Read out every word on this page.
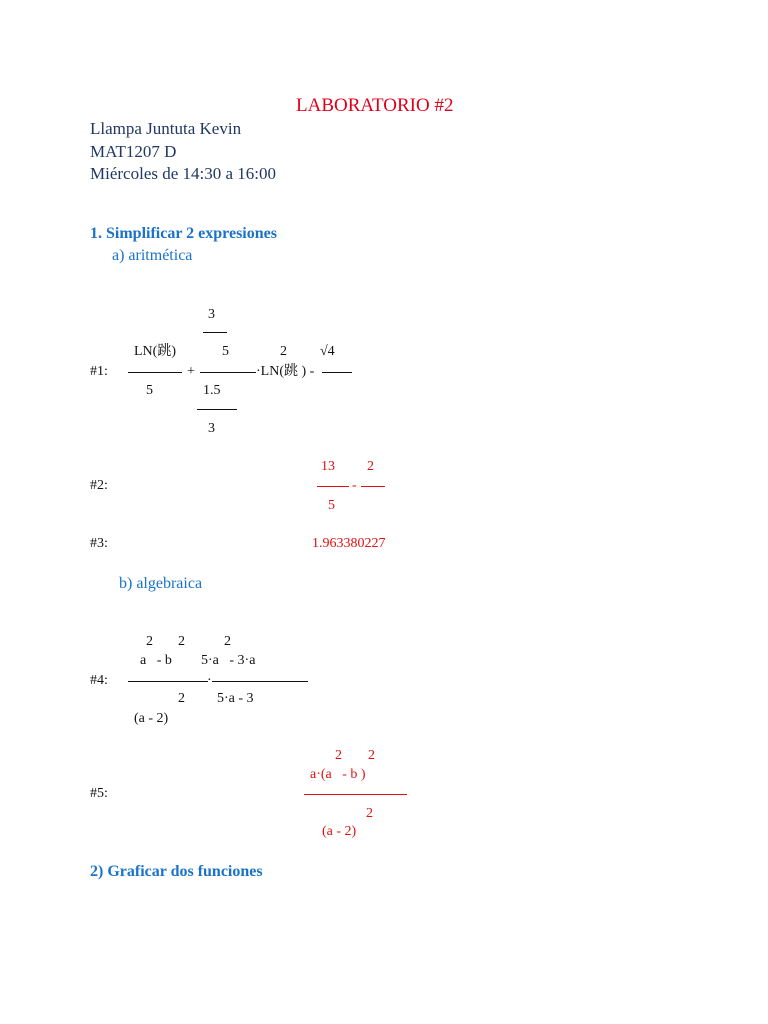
LABORATORIO #2
Llampa Juntuta Kevin
MAT1207 D
Miércoles de 14:30 a 16:00
1. Simplificar 2 expresiones
a) aritmética
3
LN(跳)	5	2 √4
#1:	+	·LN(跳 ) -
5	1.5
3
13 2
#2:	-
5
#3:	1.963380227
b) algebraica
2 2	2
a   - b 5·a   - 3·a
#4:	·
2 5·a - 3
(a - 2)
2 2
a·(a   - b )
#5:
2
(a - 2)
2) Graficar dos funciones
